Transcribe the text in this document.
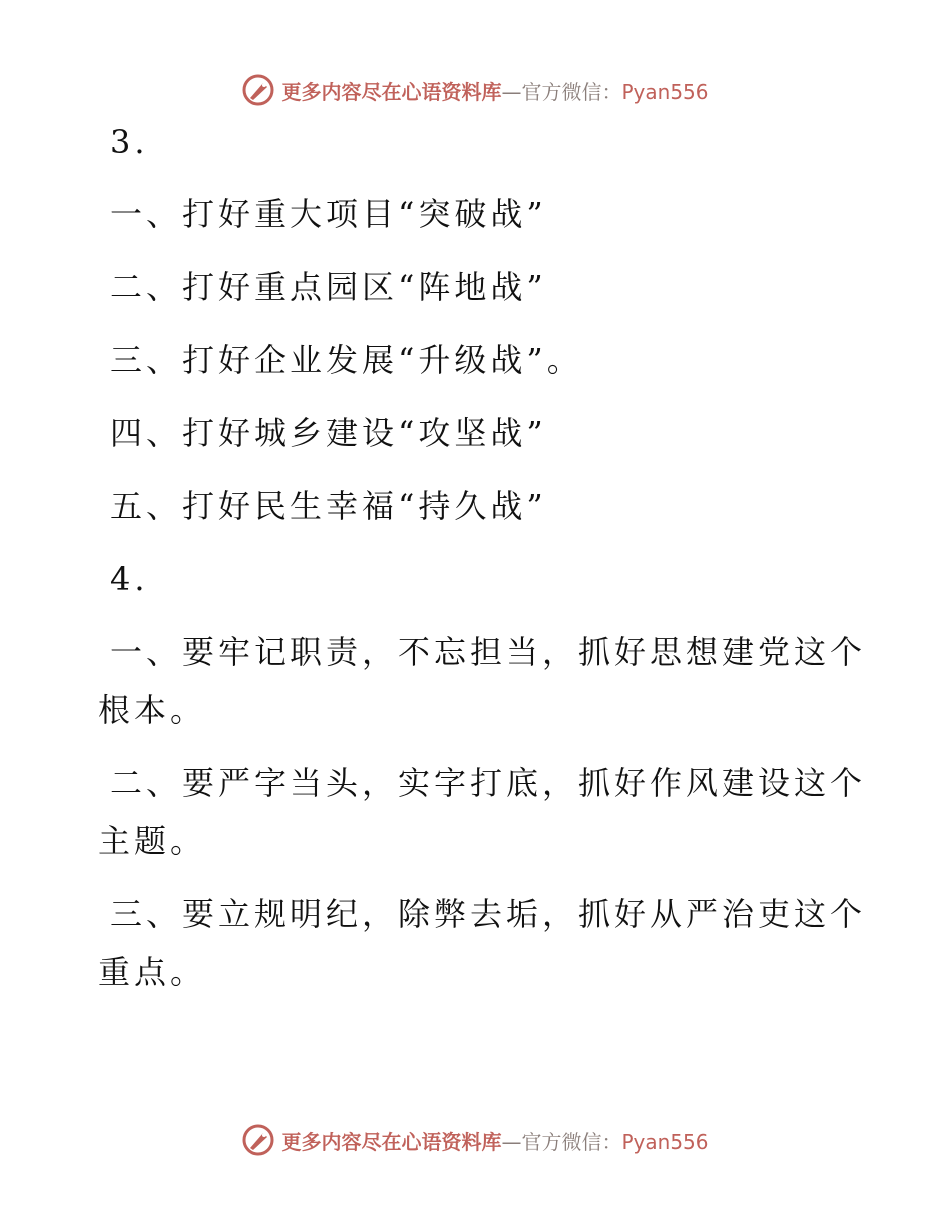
更多内容尽在心语资料库—官方微信：Pyan556

3.

一、打好重大项目“突破战”

二、打好重点园区“阵地战”

三、打好企业发展“升级战”。

四、打好城乡建设“攻坚战”

五、打好民生幸福“持久战”

4.

一、要牢记职责，不忘担当，抓好思想建党这个

根本。

二、要严字当头，实字打底，抓好作风建设这个

主题。

三、要立规明纪，除弊去垢，抓好从严治吏这个

重点。

更多内容尽在心语资料库—官方微信：Pyan556
